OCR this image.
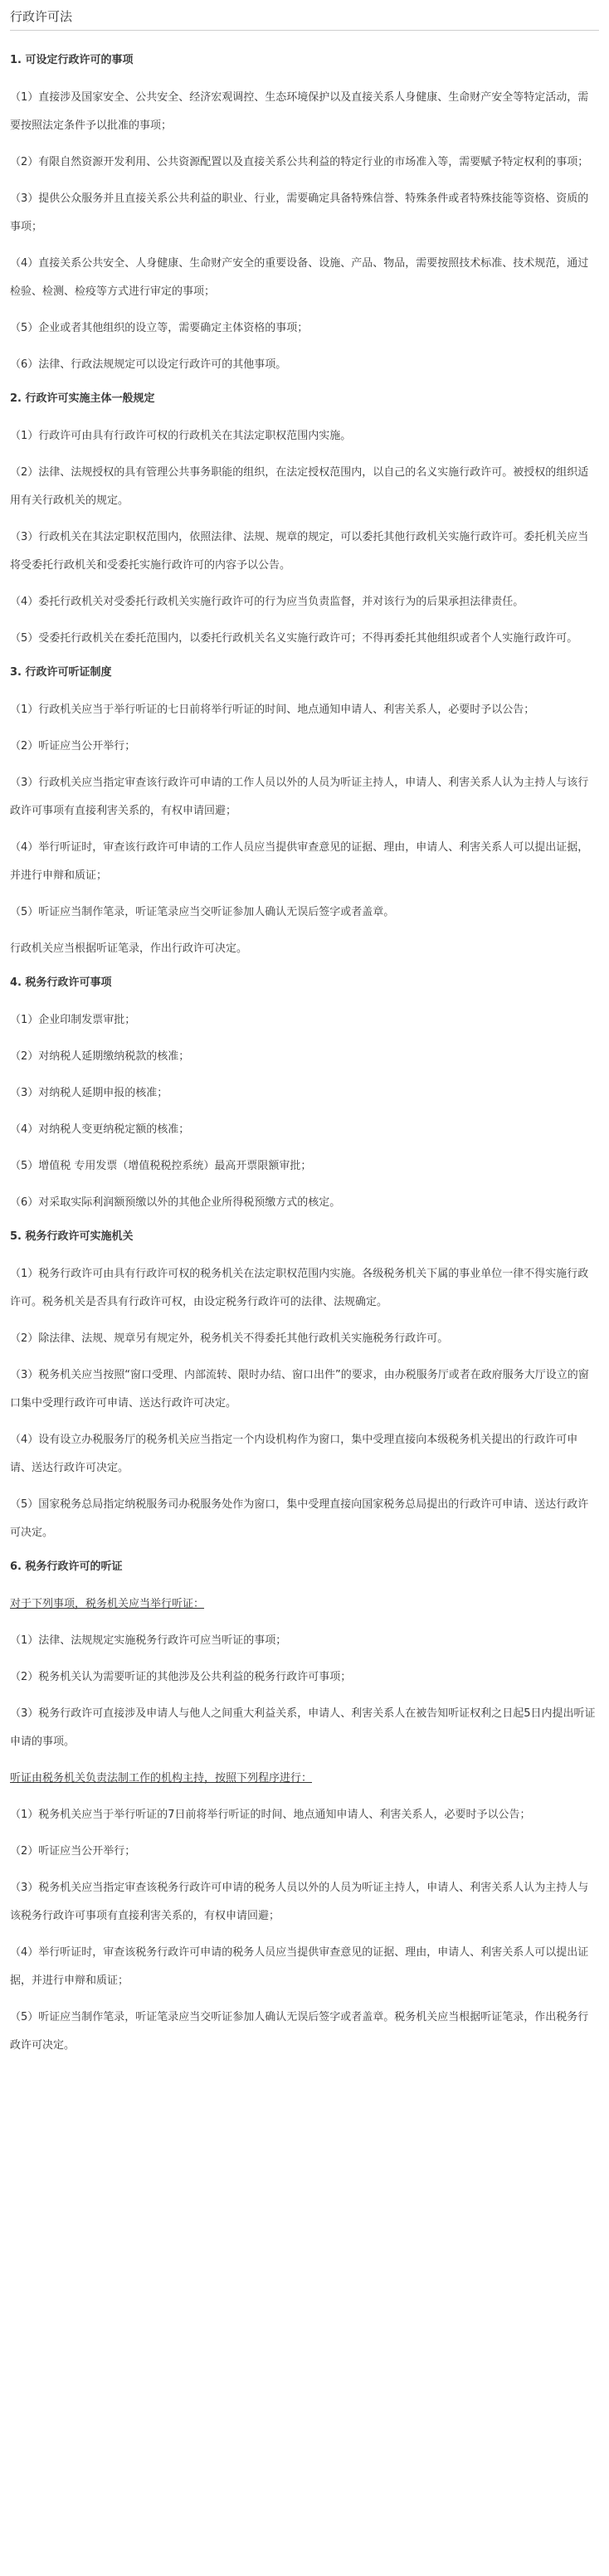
行政许可法
1. 可设定行政许可的事项
（1）直接涉及国家安全、公共安全、经济宏观调控、生态环境保护以及直接关系人身健康、生命财产安全等特定活动，需要按照法定条件予以批准的事项；
（2）有限自然资源开发利用、公共资源配置以及直接关系公共利益的特定行业的市场准入等，需要赋予特定权利的事项；
（3）提供公众服务并且直接关系公共利益的职业、行业，需要确定具备特殊信誉、特殊条件或者特殊技能等资格、资质的事项；
（4）直接关系公共安全、人身健康、生命财产安全的重要设备、设施、产品、物品，需要按照技术标准、技术规范，通过检验、检测、检疫等方式进行审定的事项；
（5）企业或者其他组织的设立等，需要确定主体资格的事项；
（6）法律、行政法规规定可以设定行政许可的其他事项。
2. 行政许可实施主体一般规定
（1）行政许可由具有行政许可权的行政机关在其法定职权范围内实施。
（2）法律、法规授权的具有管理公共事务职能的组织，在法定授权范围内，以自己的名义实施行政许可。被授权的组织适用有关行政机关的规定。
（3）行政机关在其法定职权范围内，依照法律、法规、规章的规定，可以委托其他行政机关实施行政许可。委托机关应当将受委托行政机关和受委托实施行政许可的内容予以公告。
（4）委托行政机关对受委托行政机关实施行政许可的行为应当负责监督，并对该行为的后果承担法律责任。
（5）受委托行政机关在委托范围内，以委托行政机关名义实施行政许可；不得再委托其他组织或者个人实施行政许可。
3. 行政许可听证制度
（1）行政机关应当于举行听证的七日前将举行听证的时间、地点通知申请人、利害关系人，必要时予以公告；
（2）听证应当公开举行；
（3）行政机关应当指定审查该行政许可申请的工作人员以外的人员为听证主持人，申请人、利害关系人认为主持人与该行政许可事项有直接利害关系的，有权申请回避；
（4）举行听证时，审查该行政许可申请的工作人员应当提供审查意见的证据、理由，申请人、利害关系人可以提出证据，并进行申辩和质证；
（5）听证应当制作笔录，听证笔录应当交听证参加人确认无误后签字或者盖章。
行政机关应当根据听证笔录，作出行政许可决定。
4. 税务行政许可事项
（1）企业印制发票审批；
（2）对纳税人延期缴纳税款的核准；
（3）对纳税人延期申报的核准；
（4）对纳税人变更纳税定额的核准；
（5）增值税 专用发票（增值税税控系统）最高开票限额审批；
（6）对采取实际利润额预缴以外的其他企业所得税预缴方式的核定。
5. 税务行政许可实施机关
（1）税务行政许可由具有行政许可权的税务机关在法定职权范围内实施。各级税务机关下属的事业单位一律不得实施行政许可。税务机关是否具有行政许可权，由设定税务行政许可的法律、法规确定。
（2）除法律、法规、规章另有规定外，税务机关不得委托其他行政机关实施税务行政许可。
（3）税务机关应当按照“窗口受理、内部流转、限时办结、窗口出件”的要求，由办税服务厅或者在政府服务大厅设立的窗口集中受理行政许可申请、送达行政许可决定。
（4）设有设立办税服务厅的税务机关应当指定一个内设机构作为窗口，集中受理直接向本级税务机关提出的行政许可申请、送达行政许可决定。
（5）国家税务总局指定纳税服务司办税服务处作为窗口，集中受理直接向国家税务总局提出的行政许可申请、送达行政许可决定。
6. 税务行政许可的听证
对于下列事项，税务机关应当举行听证：
（1）法律、法规规定实施税务行政许可应当听证的事项；
（2）税务机关认为需要听证的其他涉及公共利益的税务行政许可事项；
（3）税务行政许可直接涉及申请人与他人之间重大利益关系，申请人、利害关系人在被告知听证权利之日起5日内提出听证申请的事项。
听证由税务机关负责法制工作的机构主持，按照下列程序进行：
（1）税务机关应当于举行听证的7日前将举行听证的时间、地点通知申请人、利害关系人，必要时予以公告；
（2）听证应当公开举行；
（3）税务机关应当指定审查该税务行政许可申请的税务人员以外的人员为听证主持人，申请人、利害关系人认为主持人与该税务行政许可事项有直接利害关系的，有权申请回避；
（4）举行听证时，审查该税务行政许可申请的税务人员应当提供审查意见的证据、理由，申请人、利害关系人可以提出证据，并进行申辩和质证；
（5）听证应当制作笔录，听证笔录应当交听证参加人确认无误后签字或者盖章。税务机关应当根据听证笔录，作出税务行政许可决定。
